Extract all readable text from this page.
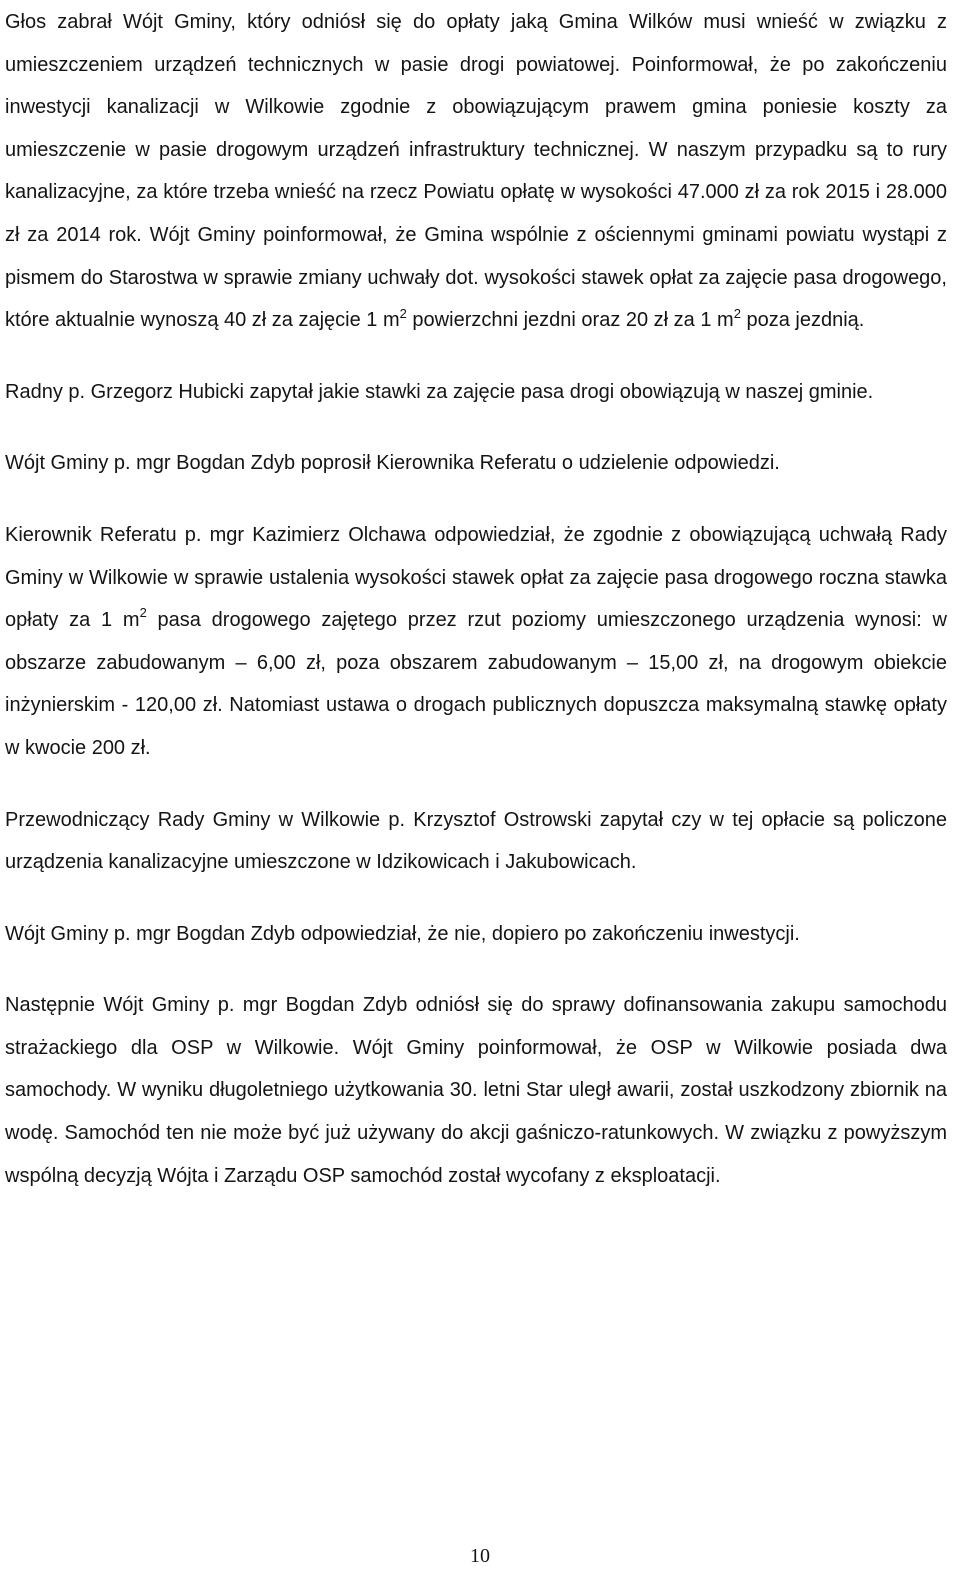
Głos zabrał Wójt Gminy, który odniósł się do opłaty jaką Gmina Wilków musi wnieść w związku z umieszczeniem urządzeń technicznych w pasie drogi powiatowej. Poinformował, że po zakończeniu inwestycji kanalizacji w Wilkowie zgodnie z obowiązującym prawem gmina poniesie koszty za umieszczenie w pasie drogowym urządzeń infrastruktury technicznej. W naszym przypadku są to rury kanalizacyjne, za które trzeba wnieść na rzecz Powiatu opłatę w wysokości 47.000 zł za rok 2015 i 28.000 zł za 2014 rok. Wójt Gminy poinformował, że Gmina wspólnie z ościennymi gminami powiatu wystąpi z pismem do Starostwa w sprawie zmiany uchwały dot. wysokości stawek opłat za zajęcie pasa drogowego, które aktualnie wynoszą 40 zł za zajęcie 1 $m^2$ powierzchni jezdni oraz 20 zł za 1 $m^2$ poza jezdnią.

Radny p. Grzegorz Hubicki zapytał jakie stawki za zajęcie pasa drogi obowiązują w naszej gminie.

Wójt Gminy p. mgr Bogdan Zdyb poprosił Kierownika Referatu o udzielenie odpowiedzi.

Kierownik Referatu p. mgr Kazimierz Olchawa odpowiedział, że zgodnie z obowiązującą uchwałą Rady Gminy w Wilkowie w sprawie ustalenia wysokości stawek opłat za zajęcie pasa drogowego roczna stawka opłaty za 1 $m^2$ pasa drogowego zajętego przez rzut poziomy umieszczonego urządzenia wynosi: w obszarze zabudowanym – 6,00 zł, poza obszarem zabudowanym – 15,00 zł, na drogowym obiekcie inżynierskim - 120,00 zł. Natomiast ustawa o drogach publicznych dopuszcza maksymalną stawkę opłaty w kwocie 200 zł.

Przewodniczący Rady Gminy w Wilkowie p. Krzysztof Ostrowski zapytał czy w tej opłacie są policzone urządzenia kanalizacyjne umieszczone w Idzikowicach i Jakubowicach.

Wójt Gminy p. mgr Bogdan Zdyb odpowiedział, że nie, dopiero po zakończeniu inwestycji.

Następnie Wójt Gminy p. mgr Bogdan Zdyb odniósł się do sprawy dofinansowania zakupu samochodu strażackiego dla OSP w Wilkowie. Wójt Gminy poinformował, że OSP w Wilkowie posiada dwa samochody. W wyniku długoletniego użytkowania 30. letni Star uległ awarii, został uszkodzony zbiornik na wodę. Samochód ten nie może być już używany do akcji gaśniczo-ratunkowych. W związku z powyższym wspólną decyzją Wójta i Zarządu OSP samochód został wycofany z eksploatacji.

10
